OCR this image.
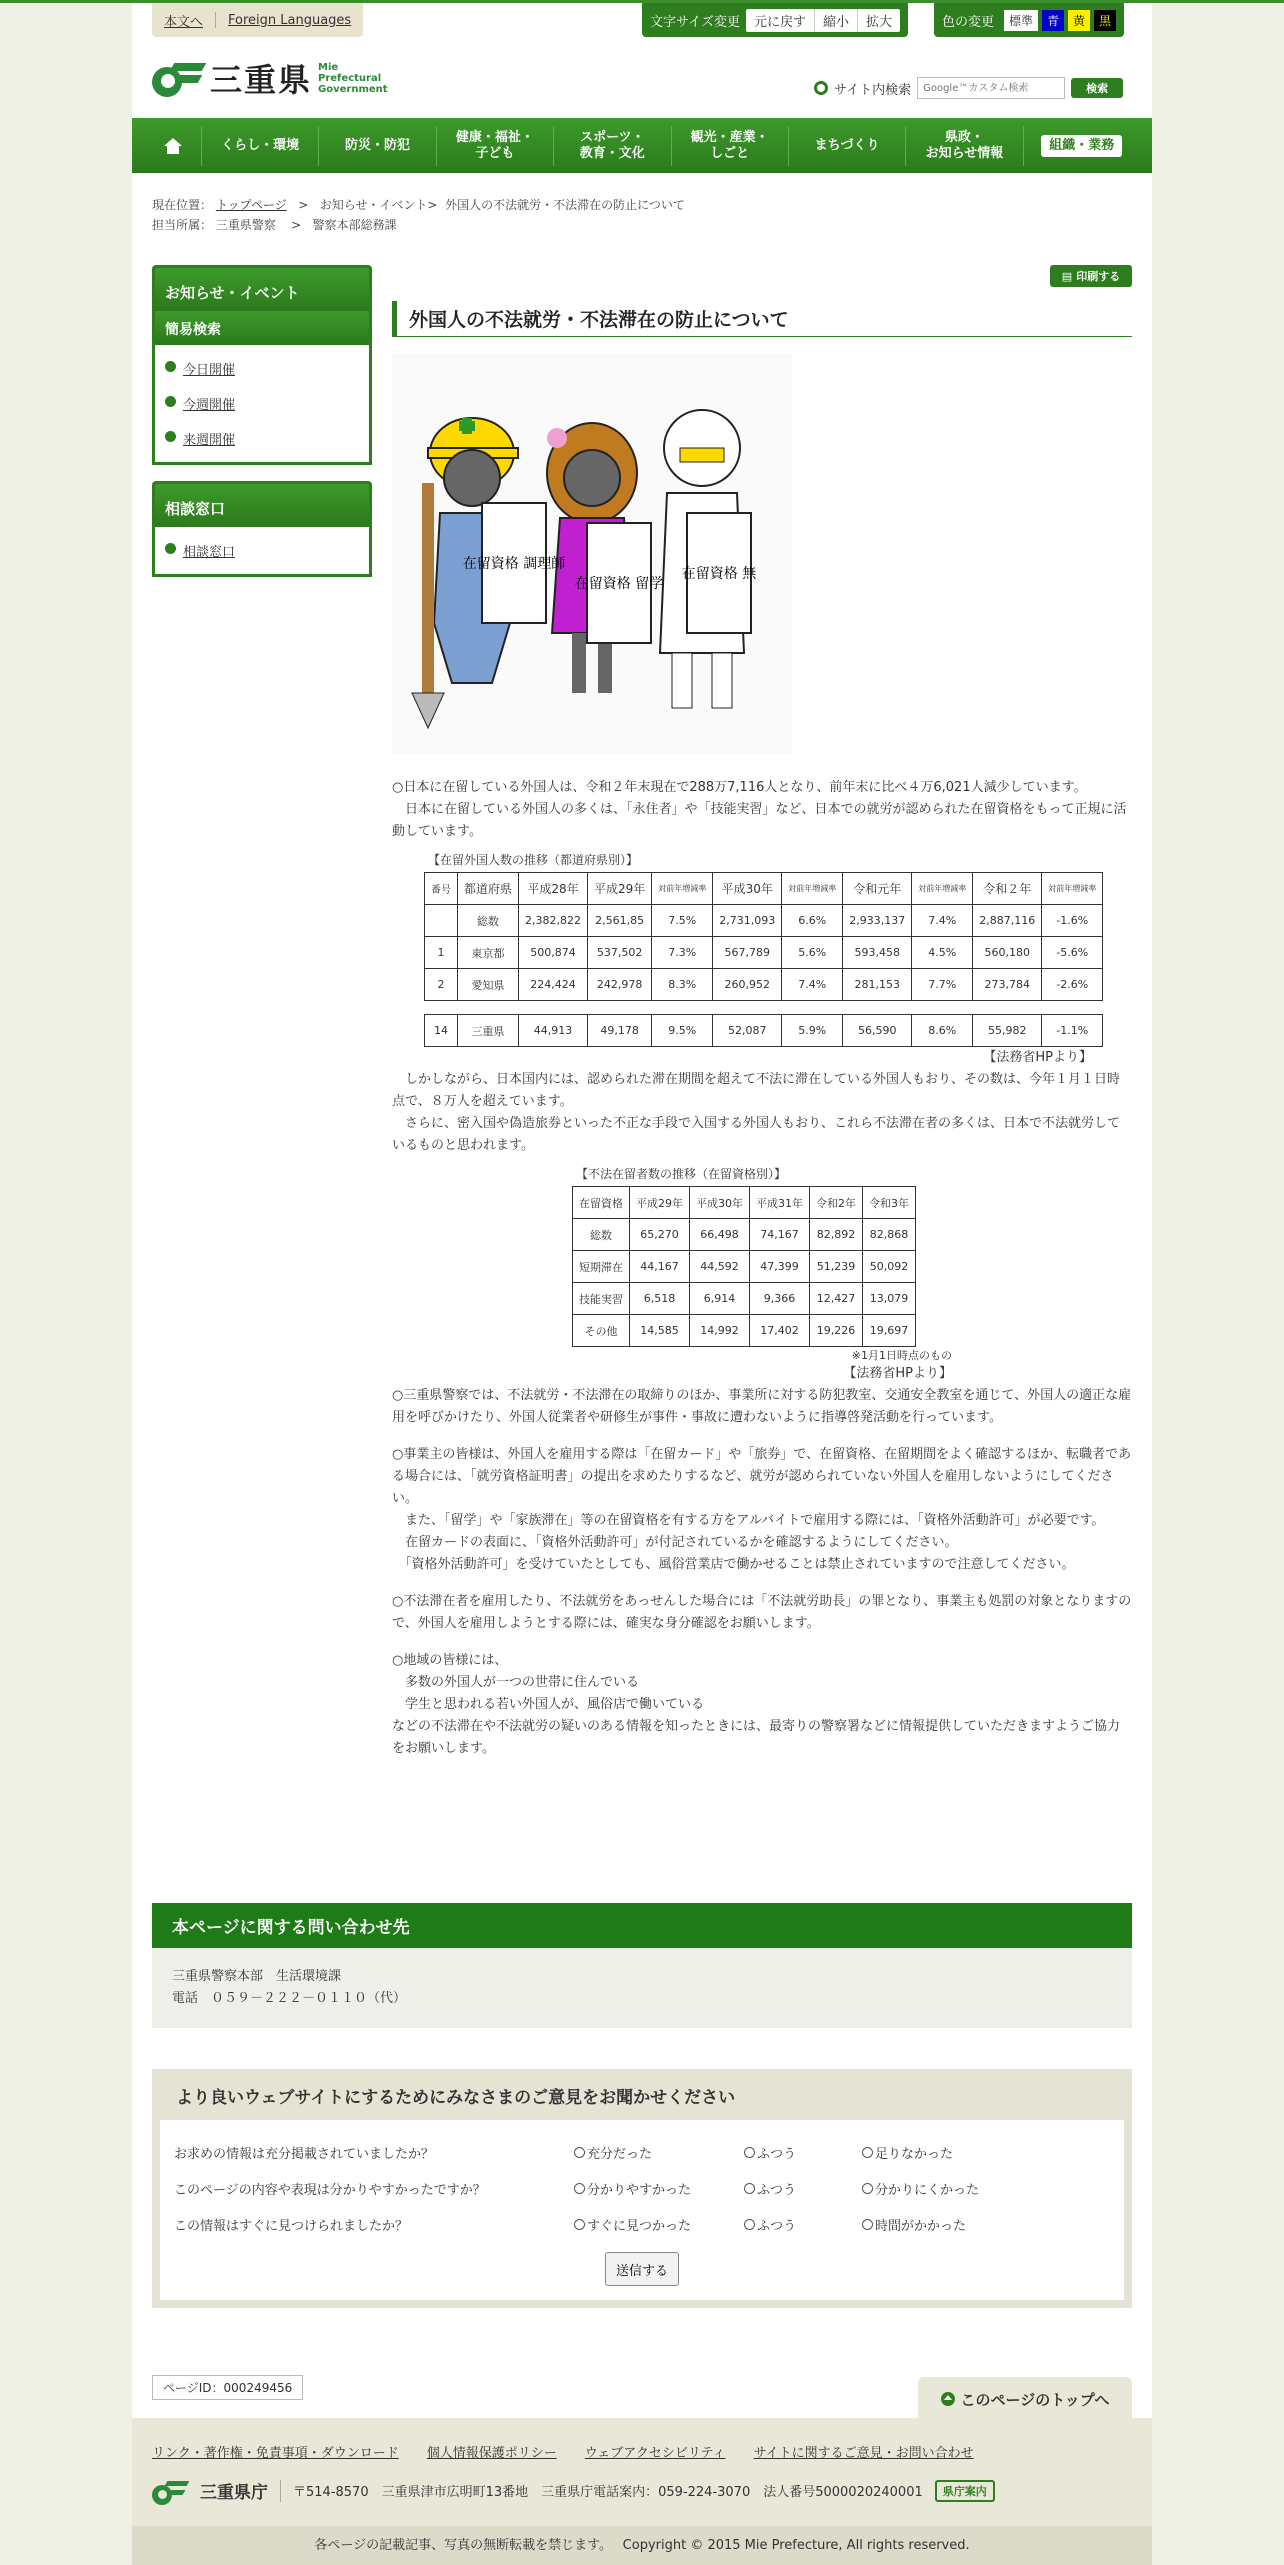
本文へ Foreign Languages	文字サイズ変更	元に戻す	縮小	拡大	色の変更	標準	青	黄	黒
三重県 Mie
Prefectural
Government	サイト内検索
Google™カスタム検索	検索
くらし・環境	防災・防犯
健康・福祉・
子ども
スポーツ・
教育・文化
観光・産業・
しごと
まちづくり
県政・
お知らせ情報
組織・業務
現在位置： トップページ > お知らせ・イベント> 外国人の不法就労・不法滞在の防止について
担当所属： 三重県警察 > 警察本部総務課
お知らせ・イベント
簡易検索
今日開催
今週開催
来週開催
相談窓口
相談窓口
▤ 印刷する
外国人の不法就労・不法滞在の防止について
在留資格 調理師
在留資格 留学
在留資格 無

○日本に在留している外国人は、令和２年末現在で288万7,116人となり、前年末に比べ４万6,021人減少しています。

　日本に在留している外国人の多くは、「永住者」や「技能実習」など、日本での就労が認められた在留資格をもって正規に活動しています。

【在留外国人数の推移（都道府県別）】
番号	都道府県	平成28年	平成29年	対前年増減率	平成30年	対前年増減率	令和元年	対前年増減率	令和２年	対前年増減率
	総数	2,382,822	2,561,85	7.5%	2,731,093	6.6%	2,933,137	7.4%	2,887,116	-1.6%
1	東京都	500,874	537,502	7.3%	567,789	5.6%	593,458	4.5%	560,180	-5.6%
2	愛知県	224,424	242,978	8.3%	260,952	7.4%	281,153	7.7%	273,784	-2.6%

14	三重県	44,913	49,178	9.5%	52,087	5.9%	56,590	8.6%	55,982	-1.1%
【法務省HPより】

　しかしながら、日本国内には、認められた滞在期間を超えて不法に滞在している外国人もおり、その数は、今年１月１日時点で、８万人を超えています。

　さらに、密入国や偽造旅券といった不正な手段で入国する外国人もおり、これら不法滞在者の多くは、日本で不法就労しているものと思われます。

【不法在留者数の推移（在留資格別）】
在留資格	平成29年	平成30年	平成31年	令和2年	令和3年
総数	65,270	66,498	74,167	82,892	82,868
短期滞在	44,167	44,592	47,399	51,239	50,092
技能実習	6,518	6,914	9,366	12,427	13,079
その他	14,585	14,992	17,402	19,226	19,697
※1月1日時点のもの
【法務省HPより】

○三重県警察では、不法就労・不法滞在の取締りのほか、事業所に対する防犯教室、交通安全教室を通じて、外国人の適正な雇用を呼びかけたり、外国人従業者や研修生が事件・事故に遭わないように指導啓発活動を行っています。

○事業主の皆様は、外国人を雇用する際は「在留カード」や「旅券」で、在留資格、在留期間をよく確認するほか、転職者である場合には、「就労資格証明書」の提出を求めたりするなど、就労が認められていない外国人を雇用しないようにしてください。

　また、「留学」や「家族滞在」等の在留資格を有する方をアルバイトで雇用する際には、「資格外活動許可」が必要です。

　在留カードの表面に、「資格外活動許可」が付記されているかを確認するようにしてください。

　「資格外活動許可」を受けていたとしても、風俗営業店で働かせることは禁止されていますので注意してください。

○不法滞在者を雇用したり、不法就労をあっせんした場合には「不法就労助長」の罪となり、事業主も処罰の対象となりますので、外国人を雇用しようとする際には、確実な身分確認をお願いします。

○地域の皆様には、

　多数の外国人が一つの世帯に住んでいる

　学生と思われる若い外国人が、風俗店で働いている

などの不法滞在や不法就労の疑いのある情報を知ったときには、最寄りの警察署などに情報提供していただきますようご協力をお願いします。

本ページに関する問い合わせ先
三重県警察本部　生活環境課
電話　０５９－２２２－０１１０（代）
より良いウェブサイトにするためにみなさまのご意見をお聞かせください
お求めの情報は充分掲載されていましたか？	充分だった	ふつう	足りなかった
このページの内容や表現は分かりやすかったですか？	分かりやすかった	ふつう	分かりにくかった
この情報はすぐに見つけられましたか？	すぐに見つかった	ふつう	時間がかかった
送信する
ページID：000249456
このページのトップへ
リンク・著作権・免責事項・ダウンロード 個人情報保護ポリシー ウェブアクセシビリティ サイトに関するご意見・お問い合わせ
三重県庁 〒514-8570　三重県津市広明町13番地　三重県庁電話案内：059-224-3070　法人番号5000020240001	県庁案内
各ページの記載記事、写真の無断転載を禁じます。　 Copyright © 2015 Mie Prefecture, All rights reserved.
